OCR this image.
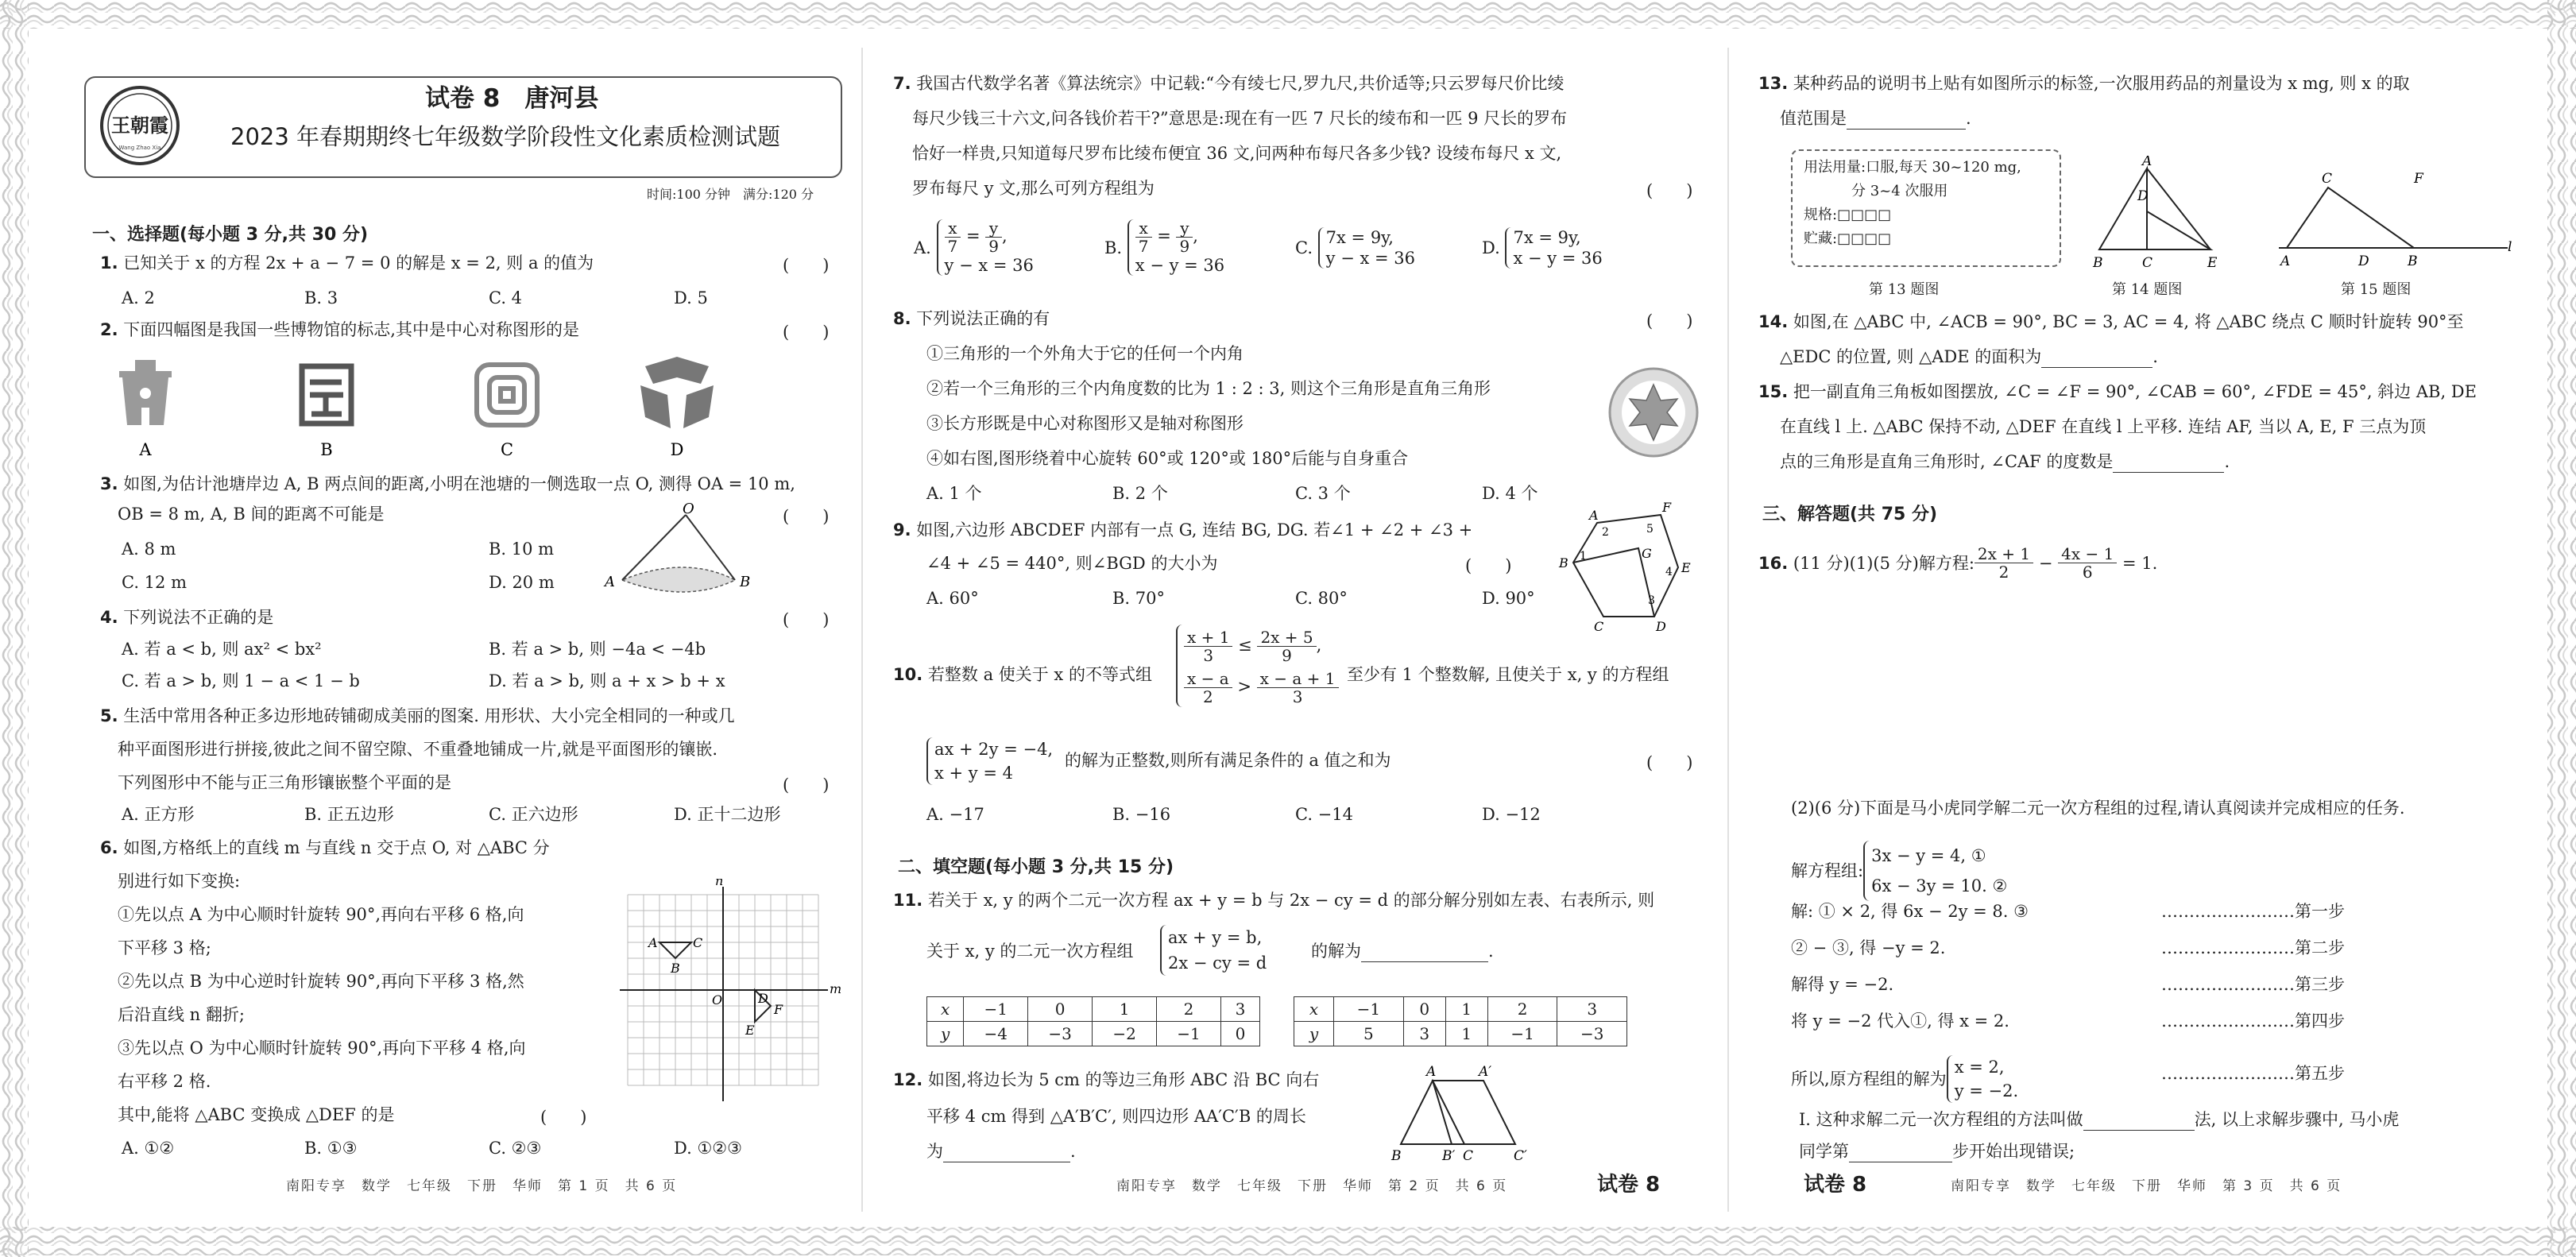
王朝霞
Wang Zhao Xia
试卷 8　 唐河县
2023 年春期期终七年级数学阶段性文化素质检测试题
时间:100 分钟　 满分:120 分
一、选择题(每小题 3 分,共 30 分)
1. 已知关于 x 的方程 2x + a − 7 = 0 的解是 x = 2, 则 a 的值为	(　　)
A. 2	B. 3	C. 4	D. 5
2. 下面四幅图是我国一些博物馆的标志,其中是中心对称图形的是	(　　)
A	B	C	D
3. 如图,为估计池塘岸边 A, B 两点间的距离,小明在池塘的一侧选取一点 O, 测得 OA = 10 m,
OB = 8 m, A, B 间的距离不可能是	(　　)
A. 8 m	B. 10 m
C. 12 m	D. 20 m
O
A	B
4. 下列说法不正确的是	(　　)
A. 若 a < b, 则 ax² < bx²	B. 若 a > b, 则 −4a < −4b
C. 若 a > b, 则 1 − a < 1 − b	D. 若 a > b, 则 a + x > b + x
5. 生活中常用各种正多边形地砖铺砌成美丽的图案. 用形状、大小完全相同的一种或几
种平面图形进行拼接,彼此之间不留空隙、不重叠地铺成一片,就是平面图形的镶嵌.
下列图形中不能与正三角形镶嵌整个平面的是	(　　)
A. 正方形	B. 正五边形	C. 正六边形	D. 正十二边形
6. 如图,方格纸上的直线 m 与直线 n 交于点 O, 对 △ABC 分
别进行如下变换:
①先以点 A 为中心顺时针旋转 90°,再向右平移 6 格,向
下平移 3 格;
②先以点 B 为中心逆时针旋转 90°,再向下平移 3 格,然
后沿直线 n 翻折;
③先以点 O 为中心顺时针旋转 90°,再向下平移 4 格,向
右平移 2 格.
其中,能将 △ABC 变换成 △DEF 的是	(　　)
A. ①②	B. ①③	C. ②③	D. ①②③
n
m
A	C
B
O	D
E
F
南阳专享　数学　七年级　下册　华师　第 1 页　共 6 页
7. 我国古代数学名著《算法统宗》中记载:“今有绫七尺,罗九尺,共价适等;只云罗每尺价比绫
每尺少钱三十六文,问各钱价若干?”意思是:现在有一匹 7 尺长的绫布和一匹 9 尺长的罗布
恰好一样贵,只知道每尺罗布比绫布便宜 36 文,问两种布每尺各多少钱? 设绫布每尺 x 文,
罗布每尺 y 文,那么可列方程组为	(　　)
A. $\frac{x}{7} = \frac{y}{9}$ ,
y − x = 36
B. $\frac{x}{7} = \frac{y}{9}$ ,
x − y = 36
C.
7x = 9y,
y − x = 36
D.
7x = 9y,
x − y = 36
8. 下列说法正确的有	(　　)
①三角形的一个外角大于它的任何一个内角
②若一个三角形的三个内角度数的比为 1 : 2 : 3, 则这个三角形是直角三角形
③长方形既是中心对称图形又是轴对称图形
④如右图,图形绕着中心旋转 60°或 120°或 180°后能与自身重合
A. 1 个	B. 2 个	C. 3 个	D. 4 个
9. 如图,六边形 ABCDEF 内部有一点 G, 连结 BG, DG. 若∠1 + ∠2 + ∠3 +
∠4 + ∠5 = 440°, 则∠BGD 的大小为	(　　)
A. 60°	B. 70°	C. 80°	D. 90°
A
F
E
D
C
B
G
1
2	5
4
3
10. 若整数 a 使关于 x 的不等式组
$\frac{x + 1}{3} \le \frac{2x + 5}{9}$ ,
$\frac{x - a}{2} > \frac{x - a + 1}{3}$ 至少有 1 个整数解, 且使关于 x, y 的方程组
ax + 2y = −4,
x + y = 4
的解为正整数,则所有满足条件的 a 值之和为	(　　)
A. −17	B. −16	C. −14	D. −12
二、填空题(每小题 3 分,共 15 分)
11. 若关于 x, y 的两个二元一次方程 ax + y = b 与 2x − cy = d 的部分解分别如左表、右表所示, 则
关于 x, y 的二元一次方程组
ax + y = b,
2x − cy = d
的解为	.
x	−1	0	1	2	3
y	−4	−3	−2	−1	0
x	−1	0	1	2	3
y	5	3	1	−1	−3
12. 如图,将边长为 5 cm 的等边三角形 ABC 沿 BC 向右
平移 4 cm 得到 △A′B′C′, 则四边形 AA′C′B 的周长
为	.
A	A′
B	B′ C	C′
南阳专享　数学　七年级　下册　华师　第 2 页　共 6 页	试卷 8
13. 某种药品的说明书上贴有如图所示的标签,一次服用药品的剂量设为 x mg, 则 x 的取
值范围是	.
用法用量:口服,每天 30~120 mg,
分 3~4 次服用
规格:□□□□
贮藏:□□□□
第 13 题图
A
D
B	C	E
第 14 题图
C	F
A	D	B
l
第 15 题图
14. 如图,在 △ABC 中, ∠ACB = 90°, BC = 3, AC = 4, 将 △ABC 绕点 C 顺时针旋转 90°至
△EDC 的位置, 则 △ADE 的面积为	.
15. 把一副直角三角板如图摆放, ∠C = ∠F = 90°, ∠CAB = 60°, ∠FDE = 45°, 斜边 AB, DE
在直线 l 上. △ABC 保持不动, △DEF 在直线 l 上平移. 连结 AF, 当以 A, E, F 三点为顶
点的三角形是直角三角形时, ∠CAF 的度数是	.
三、解答题(共 75 分)
16.
(11 分)(1)(5 分)解方程: $\frac{2x + 1}{2}$
−
$\frac{4x - 1}{6}$
= 1.
(2)(6 分)下面是马小虎同学解二元一次方程组的过程,请认真阅读并完成相应的任务.
解方程组:
3x − y = 4, ①
6x − 3y = 10. ②
解: ① × 2, 得 6x − 2y = 8. ③
② − ③, 得 −y = 2.
解得 y = −2.
将 y = −2 代入①, 得 x = 2.
所以,原方程组的解为
x = 2,
y = −2.
……………………第一步
……………………第二步
……………………第三步
……………………第四步
……………………第五步
Ⅰ. 这种求解二元一次方程组的方法叫做	法, 以上求解步骤中, 马小虎
同学第	步开始出现错误;
试卷 8	南阳专享　数学　七年级　下册　华师　第 3 页　共 6 页
